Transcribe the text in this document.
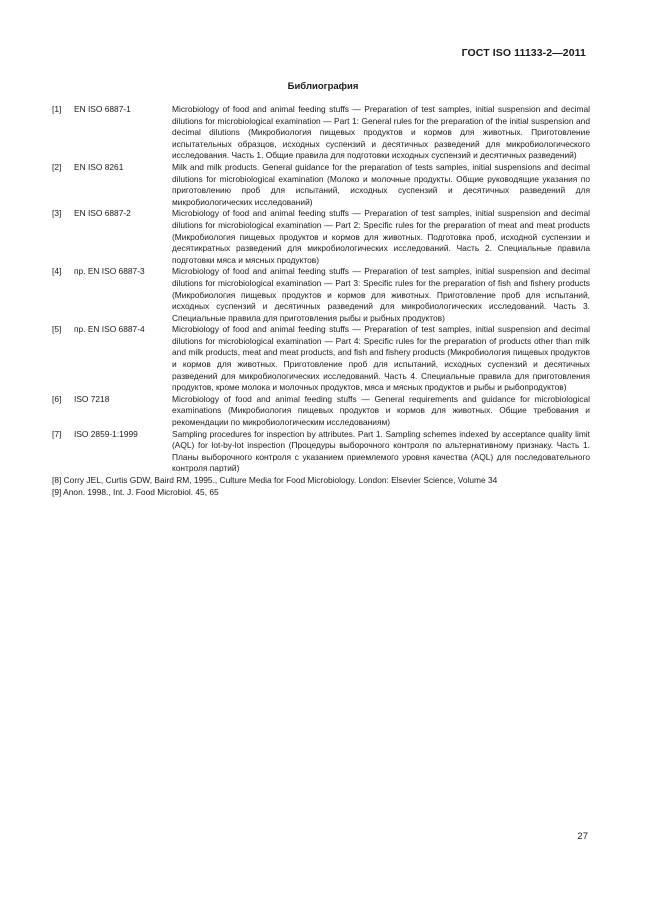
ГОСТ ISO 11133-2—2011
Библиография
[1]	EN ISO 6887-1	Microbiology of food and animal feeding stuffs — Preparation of test samples, initial suspension and decimal dilutions for microbiological examination — Part 1: General rules for the preparation of the initial suspension and decimal dilutions (Микробиология пищевых продуктов и кормов для животных. Приготовление испытательных образцов, исходных суспензий и десятичных разведений для микробиологического исследования. Часть 1. Общие правила для подготовки исходных суспензий и десятичных разведений)
[2]	EN ISO 8261	Milk and milk products. General guidance for the preparation of tests samples, initial suspensions and decimal dilutions for microbiological examination (Молоко и молочные продукты. Общие руководящие указания по приготовлению проб для испытаний, исходных суспензий и десятичных разведений для микробиологических исследований)
[3]	EN ISO 6887-2	Microbiology of food and animal feeding stuffs — Preparation of test samples, initial suspension and decimal dilutions for microbiological examination — Part 2: Specific rules for the preparation of meat and meat products (Микробиология пищевых продуктов и кормов для животных. Подготовка проб, исходной суспензии и десятикратных разведений для микробиологических исследований. Часть 2. Специальные правила подготовки мяса и мясных продуктов)
[4]	пр. EN ISO 6887-3	Microbiology of food and animal feeding stuffs — Preparation of test samples, initial suspension and decimal dilutions for microbiological examination — Part 3: Specific rules for the preparation of fish and fishery products (Микробиология пищевых продуктов и кормов для животных. Приготовление проб для испытаний, исходных суспензий и десятичных разведений для микробиологических исследований. Часть 3. Специальные правила для приготовления рыбы и рыбных продуктов)
[5]	пр. EN ISO 6887-4	Microbiology of food and animal feeding stuffs — Preparation of test samples, initial suspension and decimal dilutions for microbiological examination — Part 4: Specific rules for the preparation of products other than milk and milk products, meat and meat products, and fish and fishery products (Микробиология пищевых продуктов и кормов для животных. Приготовление проб для испытаний, исходных суспензий и десятичных разведений для микробиологических исследований. Часть 4. Специальные правила для приготовления продуктов, кроме молока и молочных продуктов, мяса и мясных продуктов и рыбы и рыбопродуктов)
[6]	ISO 7218	Microbiology of food and animal feeding stuffs — General requirements and guidance for microbiological examinations (Микробиология пищевых продуктов и кормов для животных. Общие требования и рекомендации по микробиологическим исследованиям)
[7]	ISO 2859-1:1999	Sampling procedures for inspection by attributes. Part 1. Sampling schemes indexed by acceptance quality limit (AQL) for lot-by-lot inspection (Процедуры выборочного контроля по альтернативному признаку. Часть 1. Планы выборочного контроля с указанием приемлемого уровня качества (AQL) для последовательного контроля партий)
[8] Corry JEL, Curtis GDW, Baird RM, 1995., Culture Media for Food Microbiology. London: Elsevier Science, Volume 34
[9] Anon. 1998., Int. J. Food Microbiol. 45, 65
27
